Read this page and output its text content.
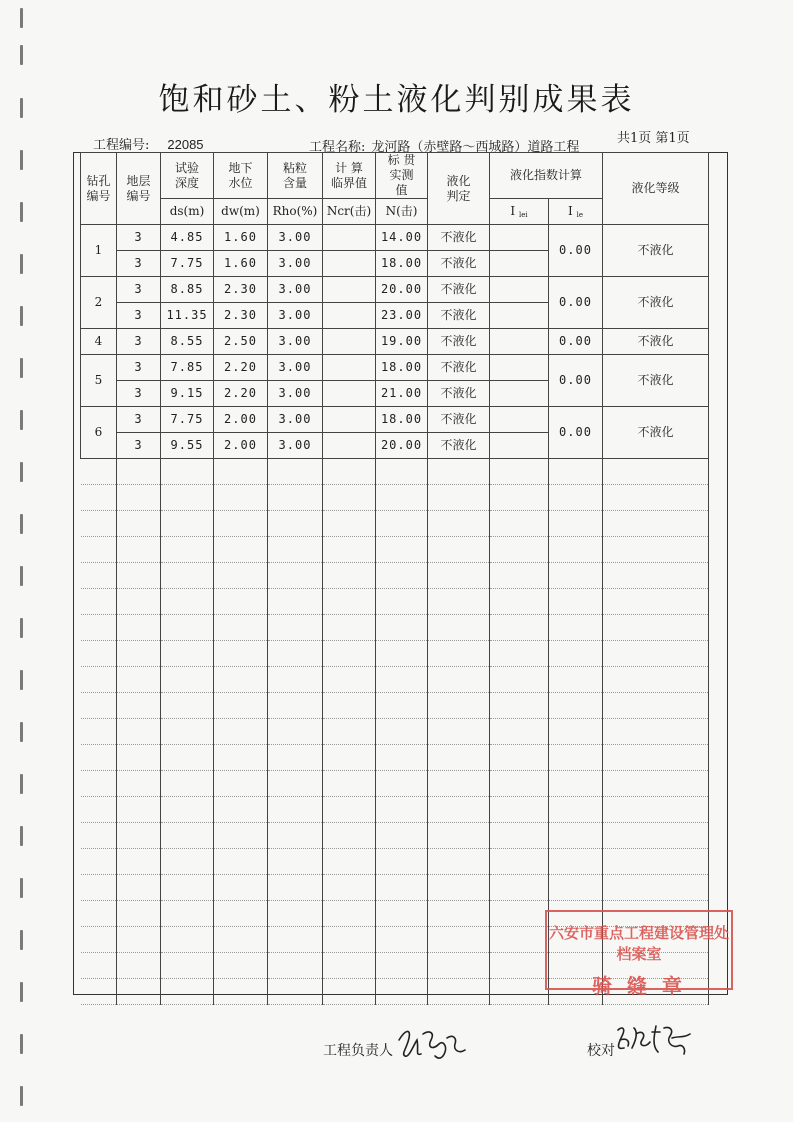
饱和砂土、粉土液化判别成果表
工程编号: 22085	工程名称: 龙河路（赤壁路～西城路）道路工程
共1页 第1页
钻孔编号	地层编号	试验深度	地下水位	粘粒含量	计 算临界值	标 贯实测值	液化判定	液化指数计算		液化等级
		ds(m)	dw(m)	Rho(%)	Ncr(击)	N(击)		I $_{lei}$	I $_{le}$
1	3	4.85	1.60	3.00		14.00	不液化		0.00	不液化
	3	7.75	1.60	3.00		18.00	不液化			
2	3	8.85	2.30	3.00		20.00	不液化		0.00	不液化
	3	11.35	2.30	3.00		23.00	不液化			
4	3	8.55	2.50	3.00		19.00	不液化		0.00	不液化
5	3	7.85	2.20	3.00		18.00	不液化		0.00	不液化
	3	9.15	2.20	3.00		21.00	不液化			
6	3	7.75	2.00	3.00		18.00	不液化		0.00	不液化
	3	9.55	2.00	3.00		20.00	不液化			

六安市重点工程建设管理处档案室
骑 缝 章
工程负责人	校对
